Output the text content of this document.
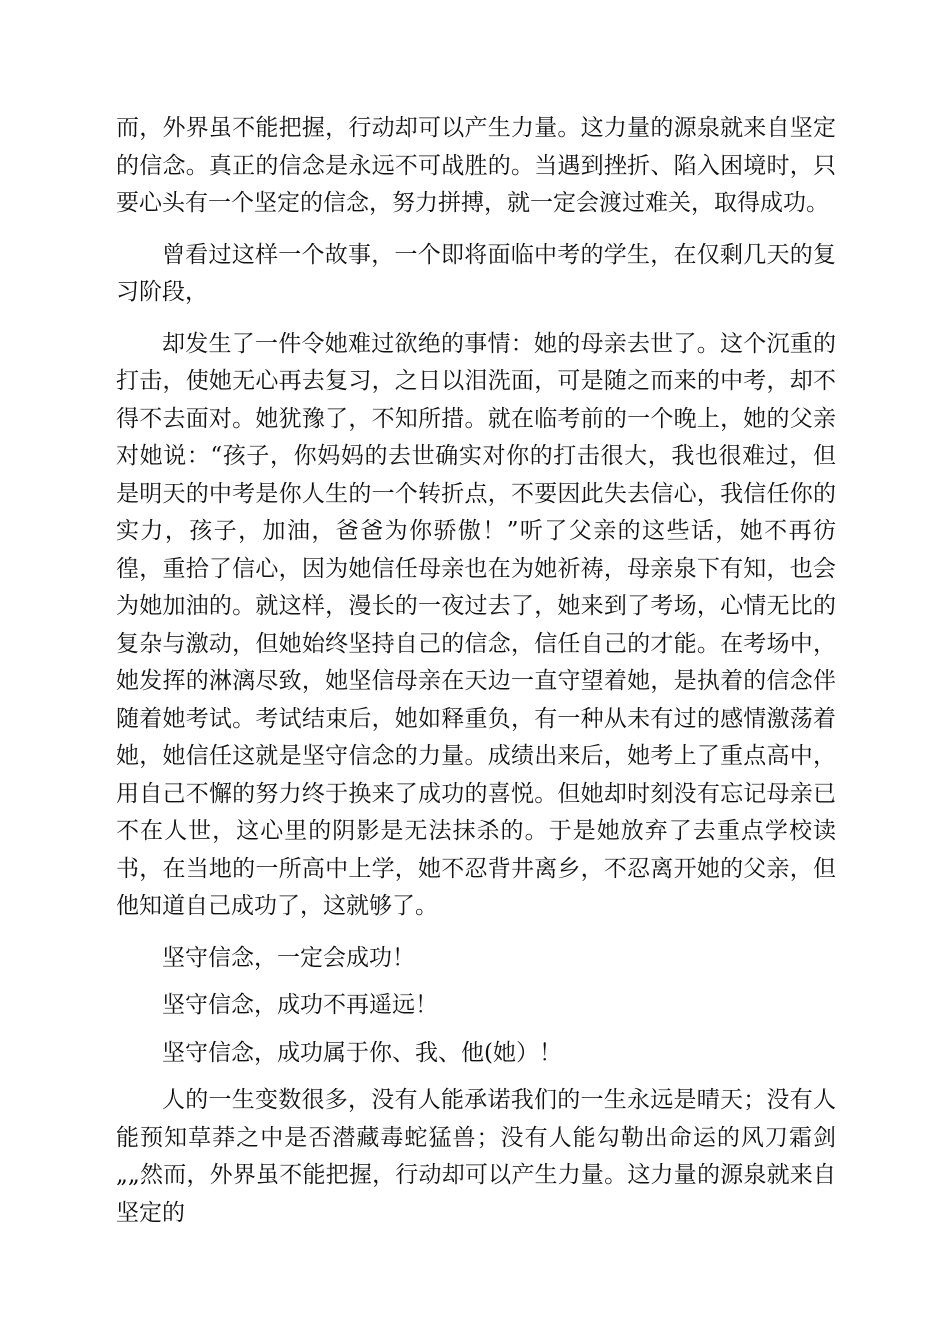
而，外界虽不能把握，行动却可以产生力量。这力量的源泉就来自坚定的信念。真正的信念是永远不可战胜的。当遇到挫折、陷入困境时，只要心头有一个坚定的信念，努力拼搏，就一定会渡过难关，取得成功。

曾看过这样一个故事，一个即将面临中考的学生，在仅剩几天的复习阶段，

却发生了一件令她难过欲绝的事情：她的母亲去世了。这个沉重的打击，使她无心再去复习，之日以泪洗面，可是随之而来的中考，却不得不去面对。她犹豫了，不知所措。就在临考前的一个晚上，她的父亲对她说：“孩子，你妈妈的去世确实对你的打击很大，我也很难过，但是明天的中考是你人生的一个转折点，不要因此失去信心，我信任你的实力，孩子，加油，爸爸为你骄傲！”听了父亲的这些话，她不再彷徨，重拾了信心，因为她信任母亲也在为她祈祷，母亲泉下有知，也会为她加油的。就这样，漫长的一夜过去了，她来到了考场，心情无比的复杂与激动，但她始终坚持自己的信念，信任自己的才能。在考场中，她发挥的淋漓尽致，她坚信母亲在天边一直守望着她，是执着的信念伴随着她考试。考试结束后，她如释重负，有一种从未有过的感情激荡着她，她信任这就是坚守信念的力量。成绩出来后，她考上了重点高中，用自己不懈的努力终于换来了成功的喜悦。但她却时刻没有忘记母亲已不在人世，这心里的阴影是无法抹杀的。于是她放弃了去重点学校读书，在当地的一所高中上学，她不忍背井离乡，不忍离开她的父亲，但他知道自己成功了，这就够了。

坚守信念，一定会成功！

坚守信念，成功不再遥远！

坚守信念，成功属于你、我、他(她）！

人的一生变数很多，没有人能承诺我们的一生永远是晴天；没有人能预知草莽之中是否潜藏毒蛇猛兽；没有人能勾勒出命运的风刀霜剑„„然而，外界虽不能把握，行动却可以产生力量。这力量的源泉就来自坚定的
